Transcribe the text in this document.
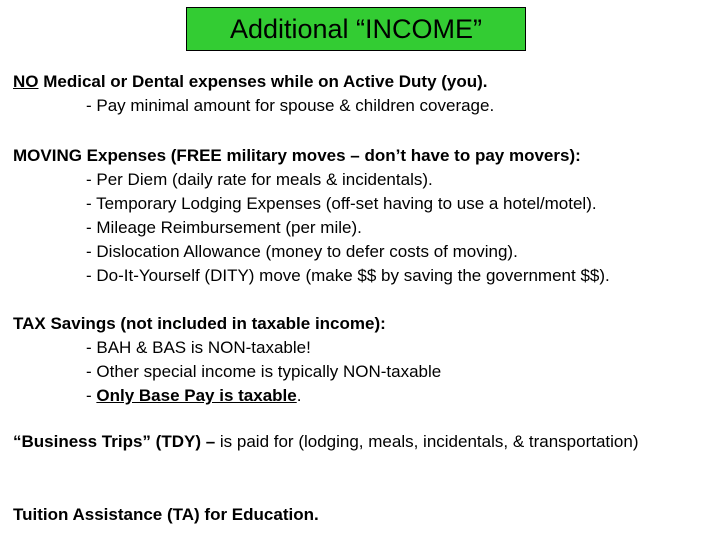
Additional “INCOME”
NO Medical or Dental expenses while on Active Duty (you).
- Pay minimal amount for spouse & children coverage.
MOVING Expenses (FREE military moves – don’t have to pay movers):
- Per Diem (daily rate for meals & incidentals).
- Temporary Lodging Expenses (off-set having to use a hotel/motel).
- Mileage Reimbursement (per mile).
- Dislocation Allowance (money to defer costs of moving).
- Do-It-Yourself (DITY) move (make $$ by saving the government $$).
TAX Savings (not included in taxable income):
- BAH & BAS is NON-taxable!
- Other special income is typically NON-taxable
- Only Base Pay is taxable.
“Business Trips” (TDY) – is paid for (lodging, meals, incidentals, & transportation)
Tuition Assistance (TA) for Education.
